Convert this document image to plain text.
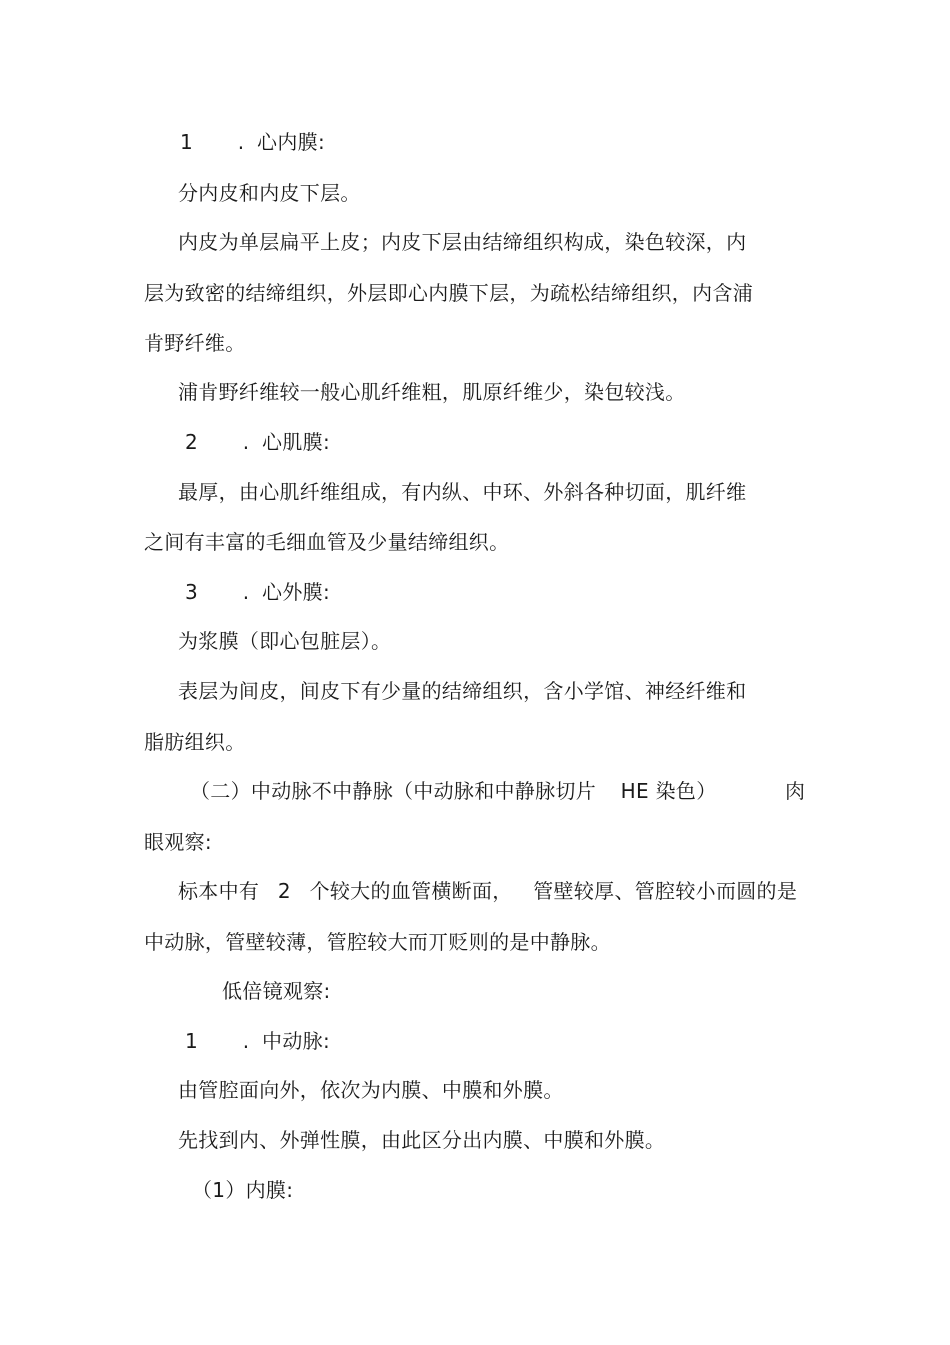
1 . 心内膜:
分内皮和内皮下层。
内皮为单层扁平上皮；内皮下层由结缔组织构成，染色较深，内
层为致密的结缔组织，外层即心内膜下层，为疏松结缔组织，内含浦
肯野纤维。
浦肯野纤维较一般心肌纤维粗，肌原纤维少，染包较浅。
2 . 心肌膜:
最厚，由心肌纤维组成，有内纵、中环、外斜各种切面，肌纤维
之间有丰富的毛细血管及少量结缔组织。
3 . 心外膜:
为浆膜（即心包脏层）。
表层为间皮，间皮下有少量的结缔组织，含小学馆、神经纤维和
脂肪组织。
（二）中动脉不中静脉（中动脉和中静脉切片 HE 染色）	肉
眼观察:
标本中有 2 个较大的血管横断面， 管壁较厚、管腔较小而圆的是
中动脉，管壁较薄，管腔较大而丌贬则的是中静脉。
低倍镜观察:
1 . 中动脉:
由管腔面向外，依次为内膜、中膜和外膜。
先找到内、外弹性膜，由此区分出内膜、中膜和外膜。
（1）内膜:
